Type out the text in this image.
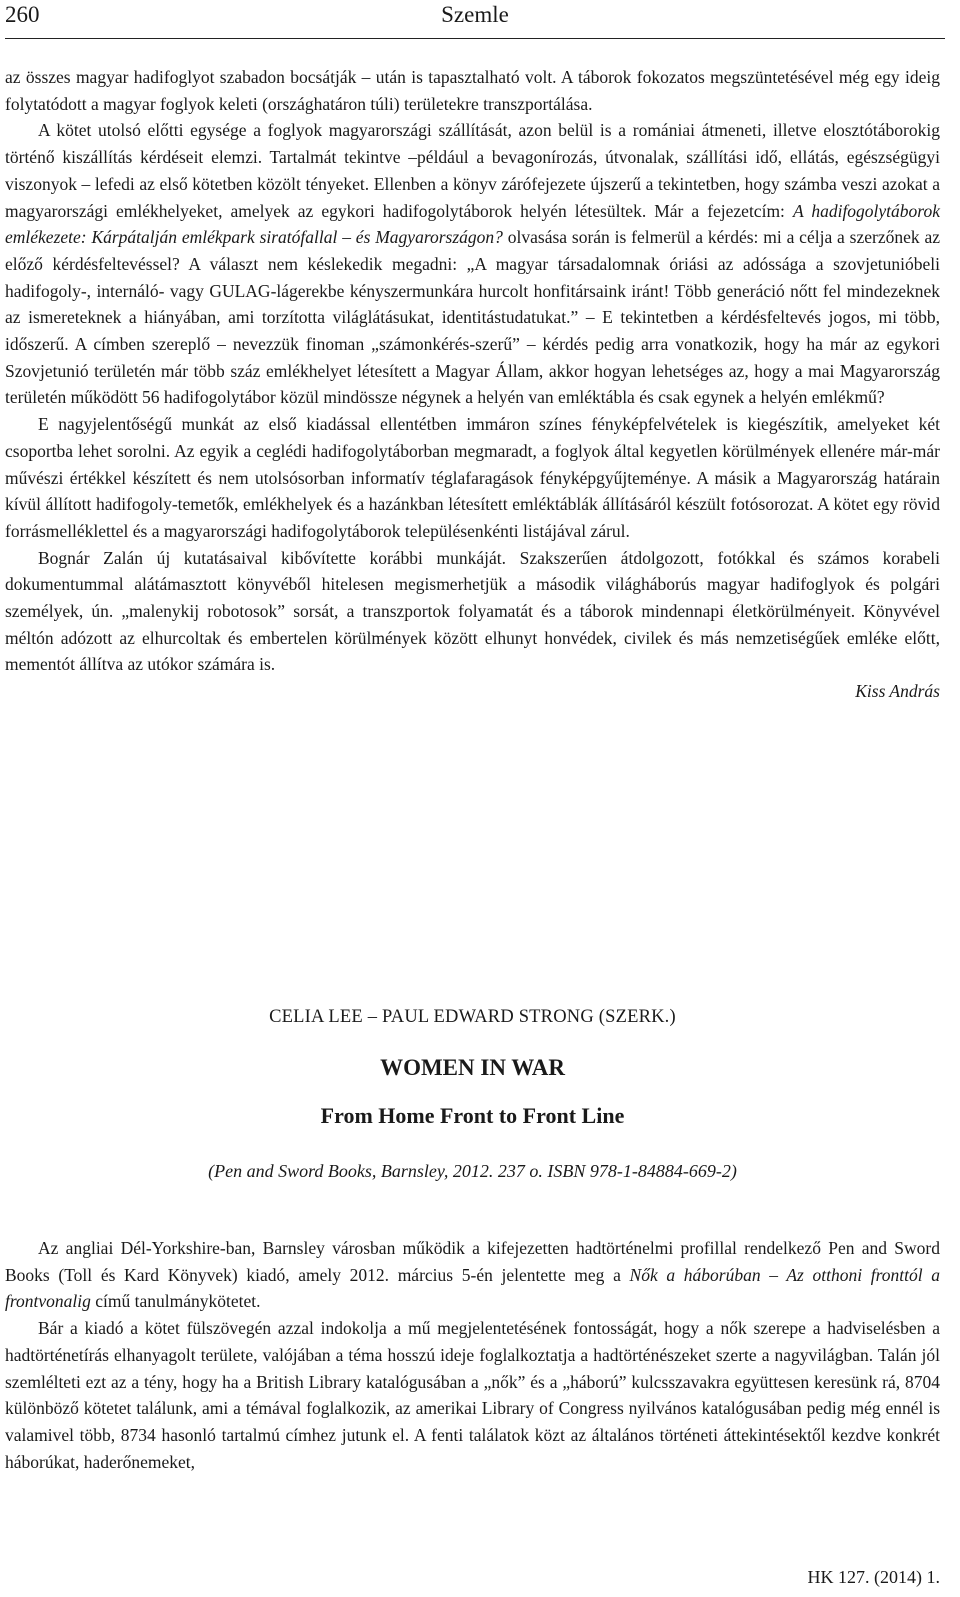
260	Szemle

az összes magyar hadifoglyot szabadon bocsátják – után is tapasztalható volt. A táborok fokozatos megszüntetésével még egy ideig folytatódott a magyar foglyok keleti (országhatáron túli) területekre transzportálása.

A kötet utolsó előtti egysége a foglyok magyarországi szállítását, azon belül is a romániai átmeneti, illetve elosztótáborokig történő kiszállítás kérdéseit elemzi. Tartalmát tekintve –például a bevagonírozás, útvonalak, szállítási idő, ellátás, egészségügyi viszonyok – lefedi az első kötetben közölt tényeket. Ellenben a könyv zárófejezete újszerű a tekintetben, hogy számba veszi azokat a magyarországi emlékhelyeket, amelyek az egykori hadifogolytáborok helyén létesültek. Már a fejezetcím: A hadifogolytáborok emlékezete: Kárpátalján emlékpark siratófallal – és Magyarországon? olvasása során is felmerül a kérdés: mi a célja a szerzőnek az előző kérdésfeltevéssel? A választ nem késlekedik megadni: „A magyar társadalomnak óriási az adóssága a szovjetunióbeli hadifogoly-, internáló- vagy GULAG-lágerekbe kényszermunkára hurcolt honfitársaink iránt! Több generáció nőtt fel mindezeknek az ismereteknek a hiányában, ami torzította világlátásukat, identitástudatukat.” – E tekintetben a kérdésfeltevés jogos, mi több, időszerű. A címben szereplő – nevezzük finoman „számonkérés-szerű” – kérdés pedig arra vonatkozik, hogy ha már az egykori Szovjetunió területén már több száz emlékhelyet létesített a Magyar Állam, akkor hogyan lehetséges az, hogy a mai Magyarország területén működött 56 hadifogolytábor közül mindössze négynek a helyén van emléktábla és csak egynek a helyén emlékmű?

E nagyjelentőségű munkát az első kiadással ellentétben immáron színes fényképfelvételek is kiegészítik, amelyeket két csoportba lehet sorolni. Az egyik a ceglédi hadifogolytáborban megmaradt, a foglyok által kegyetlen körülmények ellenére már-már művészi értékkel készített és nem utolsósorban informatív téglafaragások fényképgyűjteménye. A másik a Magyarország határain kívül állított hadifogoly-temetők, emlékhelyek és a hazánkban létesített emléktáblák állításáról készült fotósorozat. A kötet egy rövid forrásmelléklettel és a magyarországi hadifogolytáborok településenkénti listájával zárul.

Bognár Zalán új kutatásaival kibővítette korábbi munkáját. Szakszerűen átdolgozott, fotókkal és számos korabeli dokumentummal alátámasztott könyvéből hitelesen megismerhetjük a második világháborús magyar hadifoglyok és polgári személyek, ún. „malenykij robotosok” sorsát, a transzportok folyamatát és a táborok mindennapi életkörülményeit. Könyvével méltón adózott az elhurcoltak és embertelen körülmények között elhunyt honvédek, civilek és más nemzetiségűek emléke előtt, mementót állítva az utókor számára is.

Kiss András

CELIA LEE – PAUL EDWARD STRONG (SZERK.)
WOMEN IN WAR
From Home Front to Front Line
(Pen and Sword Books, Barnsley, 2012. 237 o. ISBN 978-1-84884-669-2)

Az angliai Dél-Yorkshire-ban, Barnsley városban működik a kifejezetten hadtörténelmi profillal rendelkező Pen and Sword Books (Toll és Kard Könyvek) kiadó, amely 2012. március 5-én jelentette meg a Nők a háborúban – Az otthoni fronttól a frontvonalig című tanulmánykötetet.

Bár a kiadó a kötet fülszövegén azzal indokolja a mű megjelentetésének fontosságát, hogy a nők szerepe a hadviselésben a hadtörténetírás elhanyagolt területe, valójában a téma hosszú ideje foglalkoztatja a hadtörténészeket szerte a nagyvilágban. Talán jól szemlélteti ezt az a tény, hogy ha a British Library katalógusában a „nők” és a „háború” kulcsszavakra együttesen keresünk rá, 8704 különböző kötetet találunk, ami a témával foglalkozik, az amerikai Library of Congress nyilvános katalógusában pedig még ennél is valamivel több, 8734 hasonló tartalmú címhez jutunk el. A fenti találatok közt az általános történeti áttekintésektől kezdve konkrét háborúkat, haderőnemeket,

HK 127. (2014) 1.
